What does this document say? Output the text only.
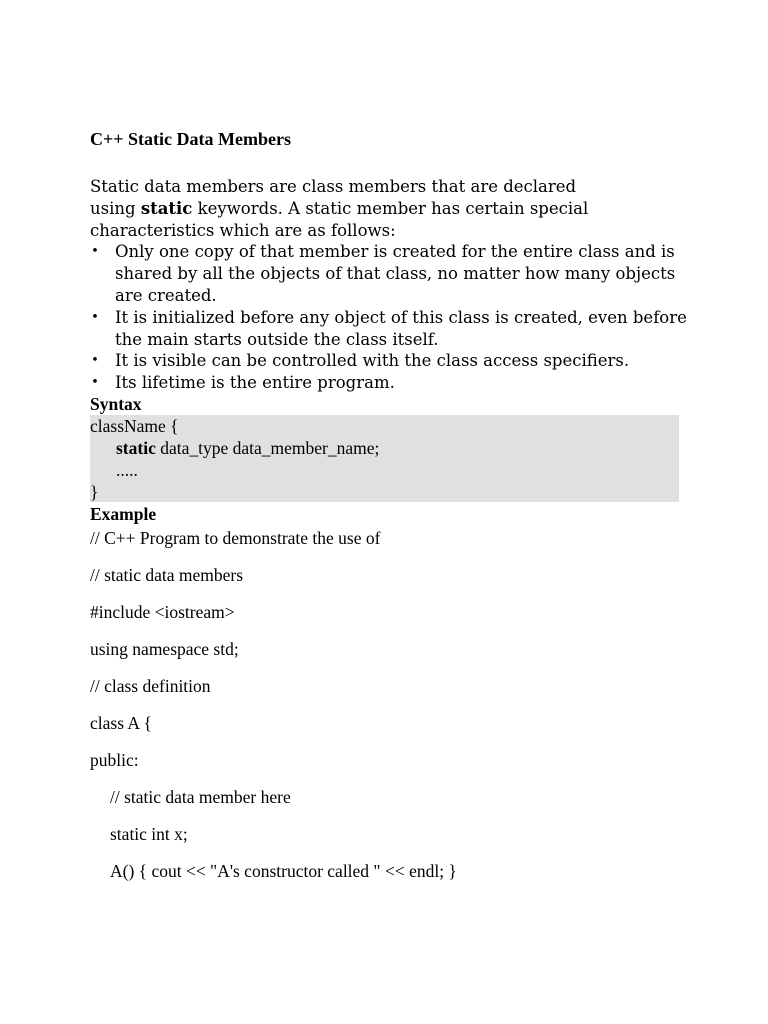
C++ Static Data Members

Static data members are class members that are declared
using static keywords. A static member has certain special characteristics which are as follows:

• Only one copy of that member is created for the entire class and is shared by all the objects of that class, no matter how many objects are created.
• It is initialized before any object of this class is created, even before the main starts outside the class itself.
• It is visible can be controlled with the class access specifiers.
• Its lifetime is the entire program.
Syntax
className {
static data_type data_member_name;
.....
}
Example
// C++ Program to demonstrate the use of
// static data members
#include <iostream>
using namespace std;
// class definition
class A {
public:
// static data member here
static int x;
A() { cout << "A's constructor called " << endl; }
